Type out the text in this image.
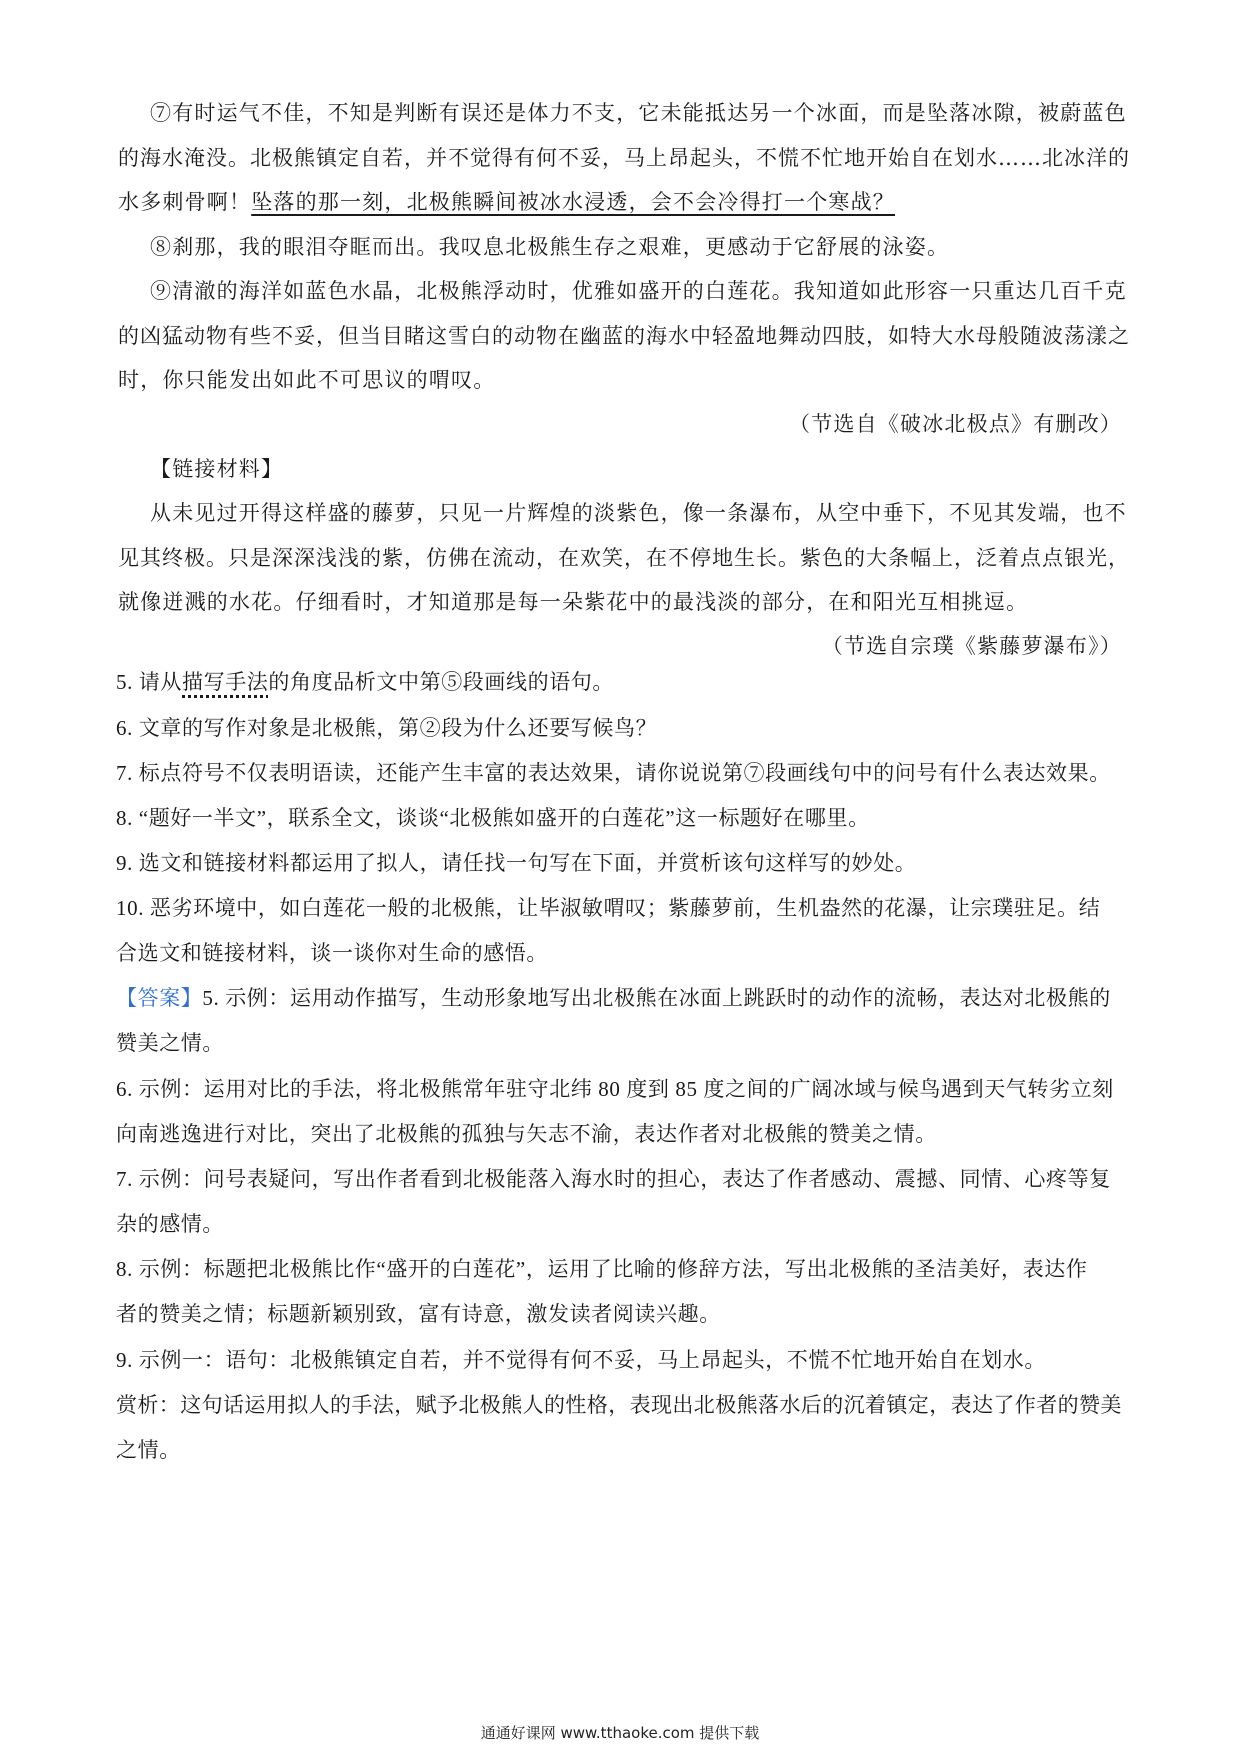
⑦有时运气不佳，不知是判断有误还是体力不支，它未能抵达另一个冰面，而是坠落冰隙，被蔚蓝色
的海水淹没。北极熊镇定自若，并不觉得有何不妥，马上昂起头，不慌不忙地开始自在划水……北冰洋的
水多刺骨啊！坠落的那一刻，北极熊瞬间被冰水浸透，会不会冷得打一个寒战？
⑧刹那，我的眼泪夺眶而出。我叹息北极熊生存之艰难，更感动于它舒展的泳姿。
⑨清澈的海洋如蓝色水晶，北极熊浮动时，优雅如盛开的白莲花。我知道如此形容一只重达几百千克
的凶猛动物有些不妥，但当目睹这雪白的动物在幽蓝的海水中轻盈地舞动四肢，如特大水母般随波荡漾之
时，你只能发出如此不可思议的喟叹。
（节选自《破冰北极点》有删改）
【链接材料】
从未见过开得这样盛的藤萝，只见一片辉煌的淡紫色，像一条瀑布，从空中垂下，不见其发端，也不
见其终极。只是深深浅浅的紫，仿佛在流动，在欢笑，在不停地生长。紫色的大条幅上，泛着点点银光，
就像迸溅的水花。仔细看时，才知道那是每一朵紫花中的最浅淡的部分，在和阳光互相挑逗。
（节选自宗璞《紫藤萝瀑布》）
5. 请从描写手法的角度品析文中第⑤段画线的语句。
6. 文章的写作对象是北极熊，第②段为什么还要写候鸟？
7. 标点符号不仅表明语读，还能产生丰富的表达效果，请你说说第⑦段画线句中的问号有什么表达效果。
8. “题好一半文”，联系全文，谈谈“北极熊如盛开的白莲花”这一标题好在哪里。
9. 选文和链接材料都运用了拟人，请任找一句写在下面，并赏析该句这样写的妙处。
10. 恶劣环境中，如白莲花一般的北极熊，让毕淑敏喟叹；紫藤萝前，生机盎然的花瀑，让宗璞驻足。结
合选文和链接材料，谈一谈你对生命的感悟。
【答案】5. 示例：运用动作描写，生动形象地写出北极熊在冰面上跳跃时的动作的流畅，表达对北极熊的
赞美之情。
6. 示例：运用对比的手法，将北极熊常年驻守北纬 80 度到 85 度之间的广阔冰域与候鸟遇到天气转劣立刻
向南逃逸进行对比，突出了北极熊的孤独与矢志不渝，表达作者对北极熊的赞美之情。
7. 示例：问号表疑问，写出作者看到北极能落入海水时的担心，表达了作者感动、震撼、同情、心疼等复
杂的感情。
8. 示例：标题把北极熊比作“盛开的白莲花”，运用了比喻的修辞方法，写出北极熊的圣洁美好，表达作
者的赞美之情；标题新颖别致，富有诗意，激发读者阅读兴趣。
9. 示例一：语句：北极熊镇定自若，并不觉得有何不妥，马上昂起头，不慌不忙地开始自在划水。
赏析：这句话运用拟人的手法，赋予北极熊人的性格，表现出北极熊落水后的沉着镇定，表达了作者的赞美
之情。
通通好课网 www.tthaoke.com 提供下载
